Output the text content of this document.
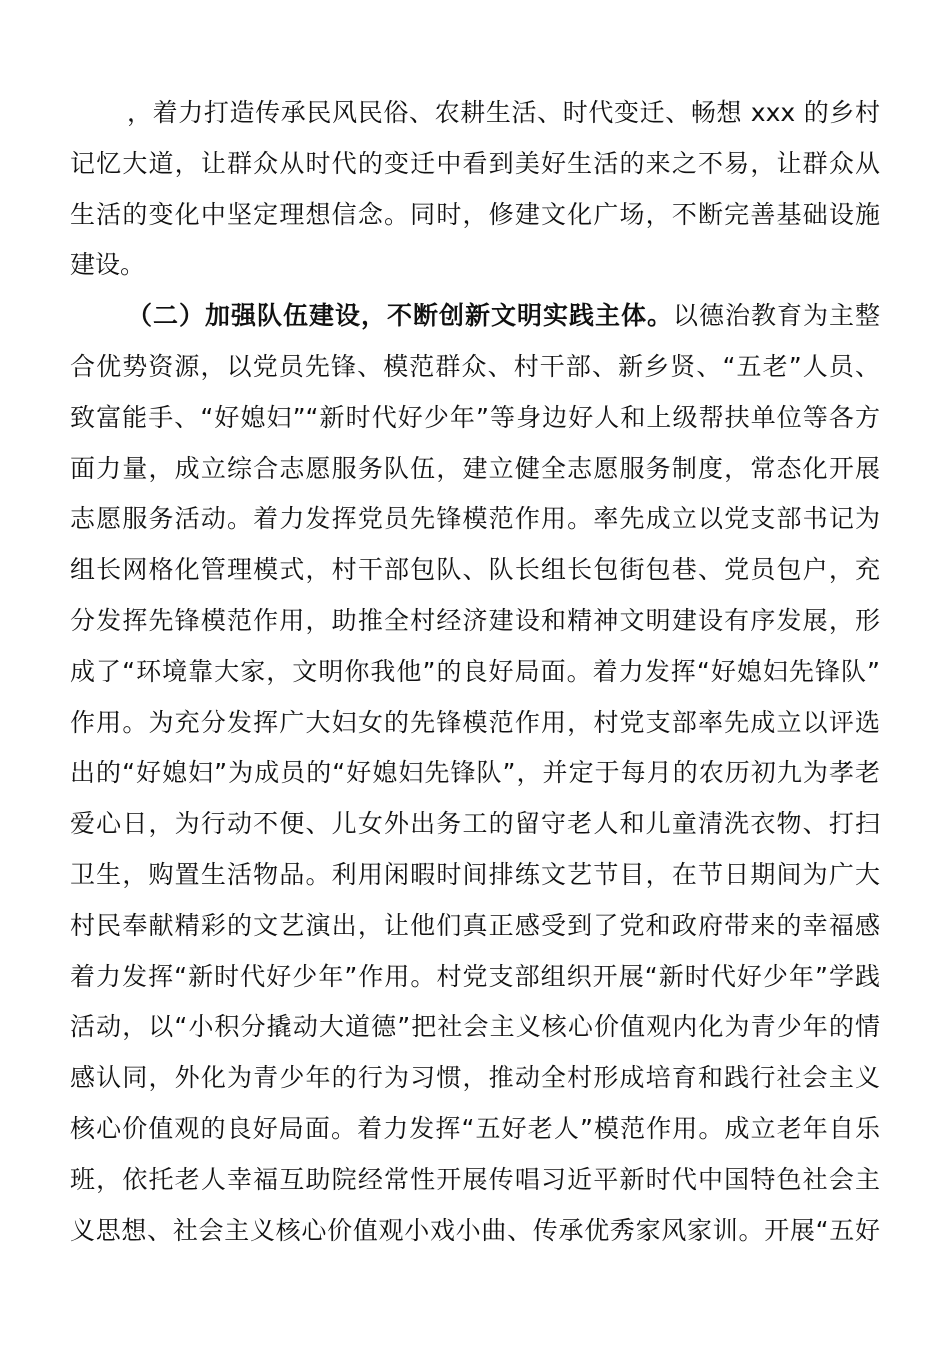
，着力打造传承民风民俗、农耕生活、时代变迁、畅想 xxx 的乡村
记忆大道，让群众从时代的变迁中看到美好生活的来之不易，让群众从
生活的变化中坚定理想信念。同时，修建文化广场，不断完善基础设施
建设。
（二）加强队伍建设，不断创新文明实践主体。以德治教育为主整
合优势资源，以党员先锋、模范群众、村干部、新乡贤、“五老”人员、
致富能手、“好媳妇”“新时代好少年”等身边好人和上级帮扶单位等各方
面力量，成立综合志愿服务队伍，建立健全志愿服务制度，常态化开展
志愿服务活动。着力发挥党员先锋模范作用。率先成立以党支部书记为
组长网格化管理模式，村干部包队、队长组长包街包巷、党员包户，充
分发挥先锋模范作用，助推全村经济建设和精神文明建设有序发展，形
成了“环境靠大家，文明你我他”的良好局面。着力发挥“好媳妇先锋队”
作用。为充分发挥广大妇女的先锋模范作用，村党支部率先成立以评选
出的“好媳妇”为成员的“好媳妇先锋队”，并定于每月的农历初九为孝老
爱心日，为行动不便、儿女外出务工的留守老人和儿童清洗衣物、打扫
卫生，购置生活物品。利用闲暇时间排练文艺节目，在节日期间为广大
村民奉献精彩的文艺演出，让他们真正感受到了党和政府带来的幸福感
着力发挥“新时代好少年”作用。村党支部组织开展“新时代好少年”学践
活动，以“小积分撬动大道德”把社会主义核心价值观内化为青少年的情
感认同，外化为青少年的行为习惯，推动全村形成培育和践行社会主义
核心价值观的良好局面。着力发挥“五好老人”模范作用。成立老年自乐
班，依托老人幸福互助院经常性开展传唱习近平新时代中国特色社会主
义思想、社会主义核心价值观小戏小曲、传承优秀家风家训。开展“五好
